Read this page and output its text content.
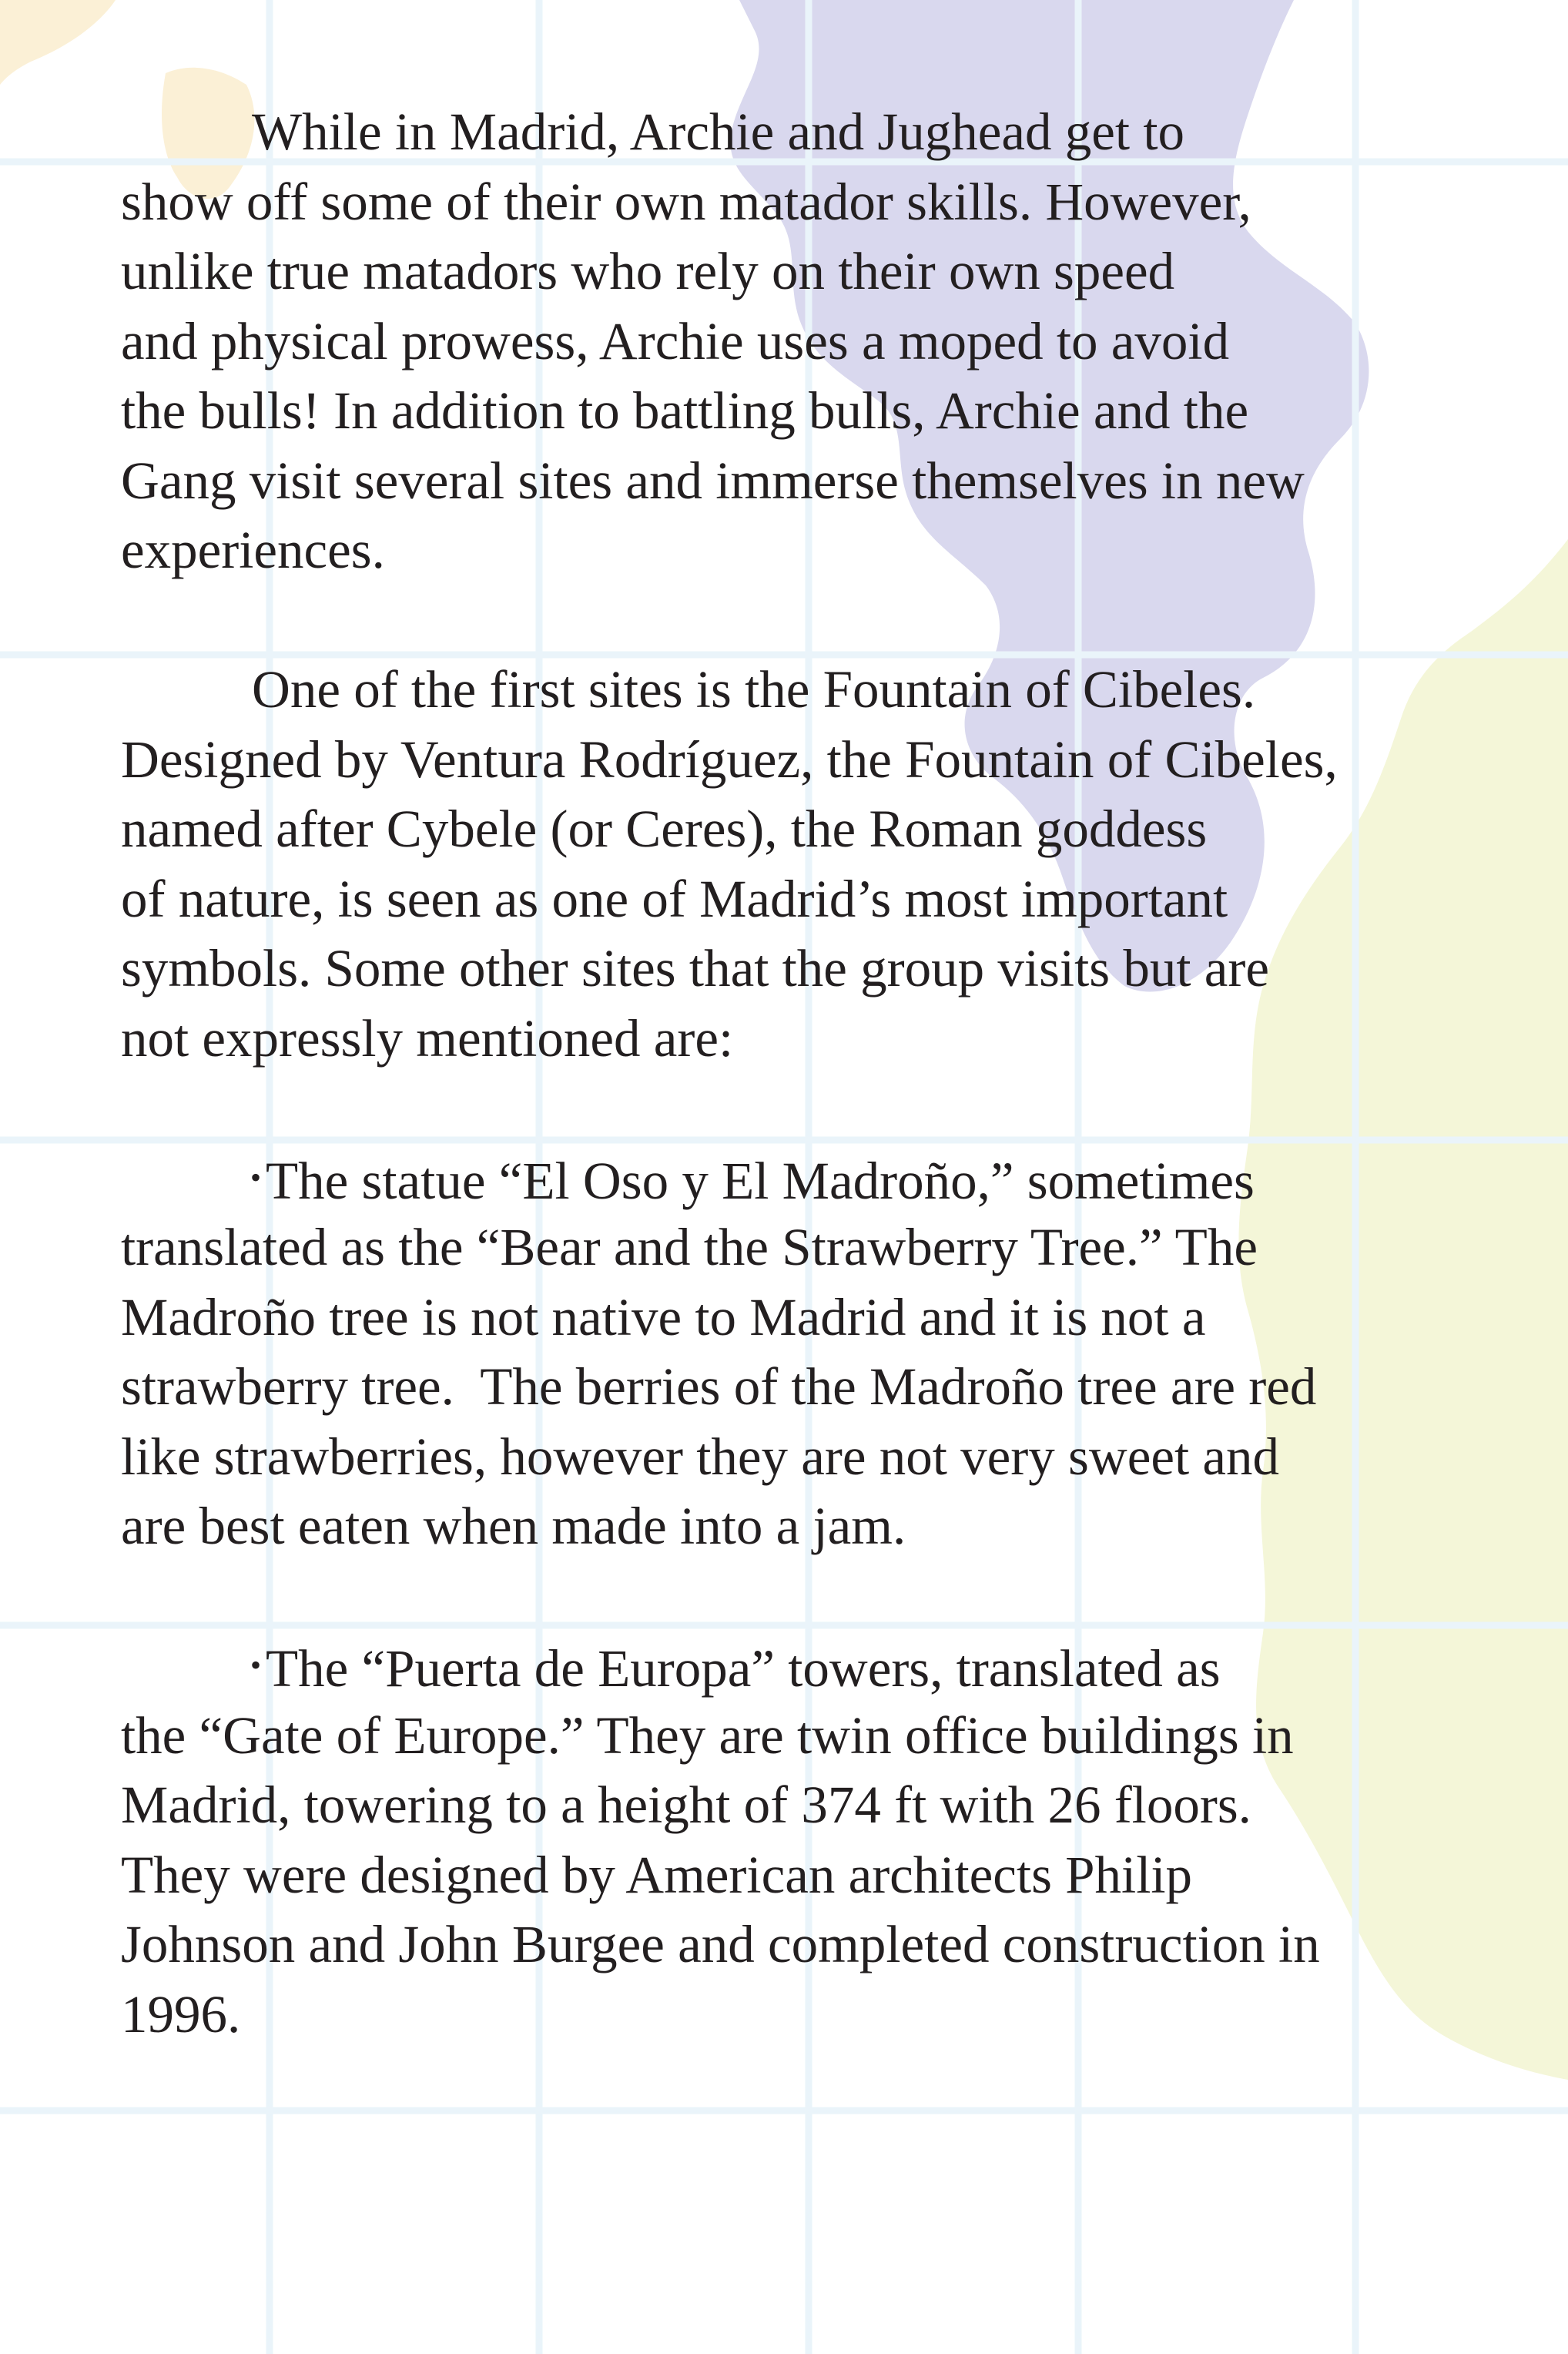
While in Madrid, Archie and Jughead get to
show off some of their own matador skills. However,
unlike true matadors who rely on their own speed
and physical prowess, Archie uses a moped to avoid
the bulls! In addition to battling bulls, Archie and the
Gang visit several sites and immerse themselves in new
experiences.

One of the first sites is the Fountain of Cibeles.
Designed by Ventura Rodríguez, the Fountain of Cibeles,
named after Cybele (or Ceres), the Roman goddess
of nature, is seen as one of Madrid’s most important
symbols. Some other sites that the group visits but are
not expressly mentioned are:

•The statue “El Oso y El Madroño,” sometimes
translated as the “Bear and the Strawberry Tree.” The
Madroño tree is not native to Madrid and it is not a
strawberry tree.  The berries of the Madroño tree are red
like strawberries, however they are not very sweet and
are best eaten when made into a jam.

•The “Puerta de Europa” towers, translated as
the “Gate of Europe.” They are twin office buildings in
Madrid, towering to a height of 374 ft with 26 floors.
They were designed by American architects Philip
Johnson and John Burgee and completed construction in
1996.
